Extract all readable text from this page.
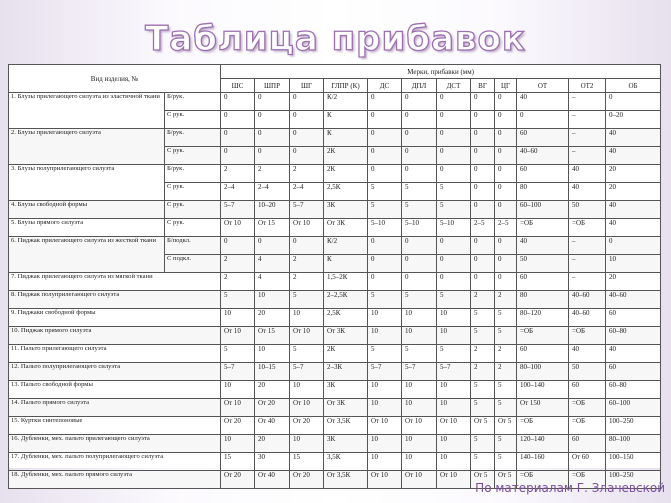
Таблица прибавок
Вид изделия, №		Мерки, прибавки (мм)											
		ШС	ШПР	ШГ	ГЛПР (К)	ДС	ДПЛ	ДСТ	ВГ	ЦГ	ОТ	ОТ2	ОБ
1. Блузы прилегающего силуэта из эластичной ткани	Б/рук.	0	0	0	К/2	0	0	0	0	0	40	–	0
	С рук.	0	0	0	К	0	0	0	0	0	0	–	0–20
2. Блузы прилегающего силуэта	Б/рук.	0	0	0	К	0	0	0	0	0	60	–	40
	С рук.	0	0	0	2К	0	0	0	0	0	40–60	–	40
3. Блузы полуприлегающего силуэта	Б/рук.	2	2	2	2К	0	0	0	0	0	60	40	20
	С рук.	2–4	2–4	2–4	2,5К	5	5	5	0	0	80	40	20
4. Блузы свободной формы	С рук.	5–7	10–20	5–7	3К	5	5	5	0	0	60–100	50	40
5. Блузы прямого силуэта	С рук.	От 10	От 15	От 10	От 3К	5–10	5–10	5–10	2–5	2–5	=ОБ	=ОБ	40
6. Пиджак прилегающего силуэта из жесткой ткани	Б/подкл.	0	0	0	К/2	0	0	0	0	0	40	–	0
	С подкл.	2	4	2	К	0	0	0	0	0	50	–	10
7. Пиджак прилегающего силуэта из мягкой ткани		2	4	2	1,5–2К	0	0	0	0	0	60	–	20
8. Пиджак полуприлегающего силуэта		5	10	5	2–2,5К	5	5	5	2	2	80	40–60	40–60
9. Пиджаки свободной формы		10	20	10	2,5К	10	10	10	5	5	80–120	40–60	60
10. Пиджак прямого силуэта		От 10	От 15	От 10	От 3К	10	10	10	5	5	=ОБ	=ОБ	60–80
11. Пальто прилегающего силуэта		5	10	5	2К	5	5	5	2	2	60	40	40
12. Пальто полуприлегающего силуэта		5–7	10–15	5–7	2–3К	5–7	5–7	5–7	2	2	80–100	50	60
13. Пальто свободной формы		10	20	10	3К	10	10	10	5	5	100–140	60	60–80
14. Пальто прямого силуэта		От 10	От 20	От 10	От 3К	10	10	10	5	5	От 150	=ОБ	60–100
15. Куртки синтепоновые		От 20	От 40	От 20	От 3,5К	От 10	От 10	От 10	От 5	От 5	=ОБ	=ОБ	100–250
16. Дубленки, мех. пальто прилегающего силуэта		10	20	10	3К	10	10	10	5	5	120–140	60	80–100
17. Дубленки, мех. пальто полуприлегающего силуэта		15	30	15	3,5К	10	10	10	5	5	140–160	От 60	100–150
18. Дубленки, мех. пальто прямого силуэта		От 20	От 40	От 20	От 3,5К	От 10	От 10	От 10	От 5	От 5	=ОБ	=ОБ	100–250
По материалам Г. Злачевской
